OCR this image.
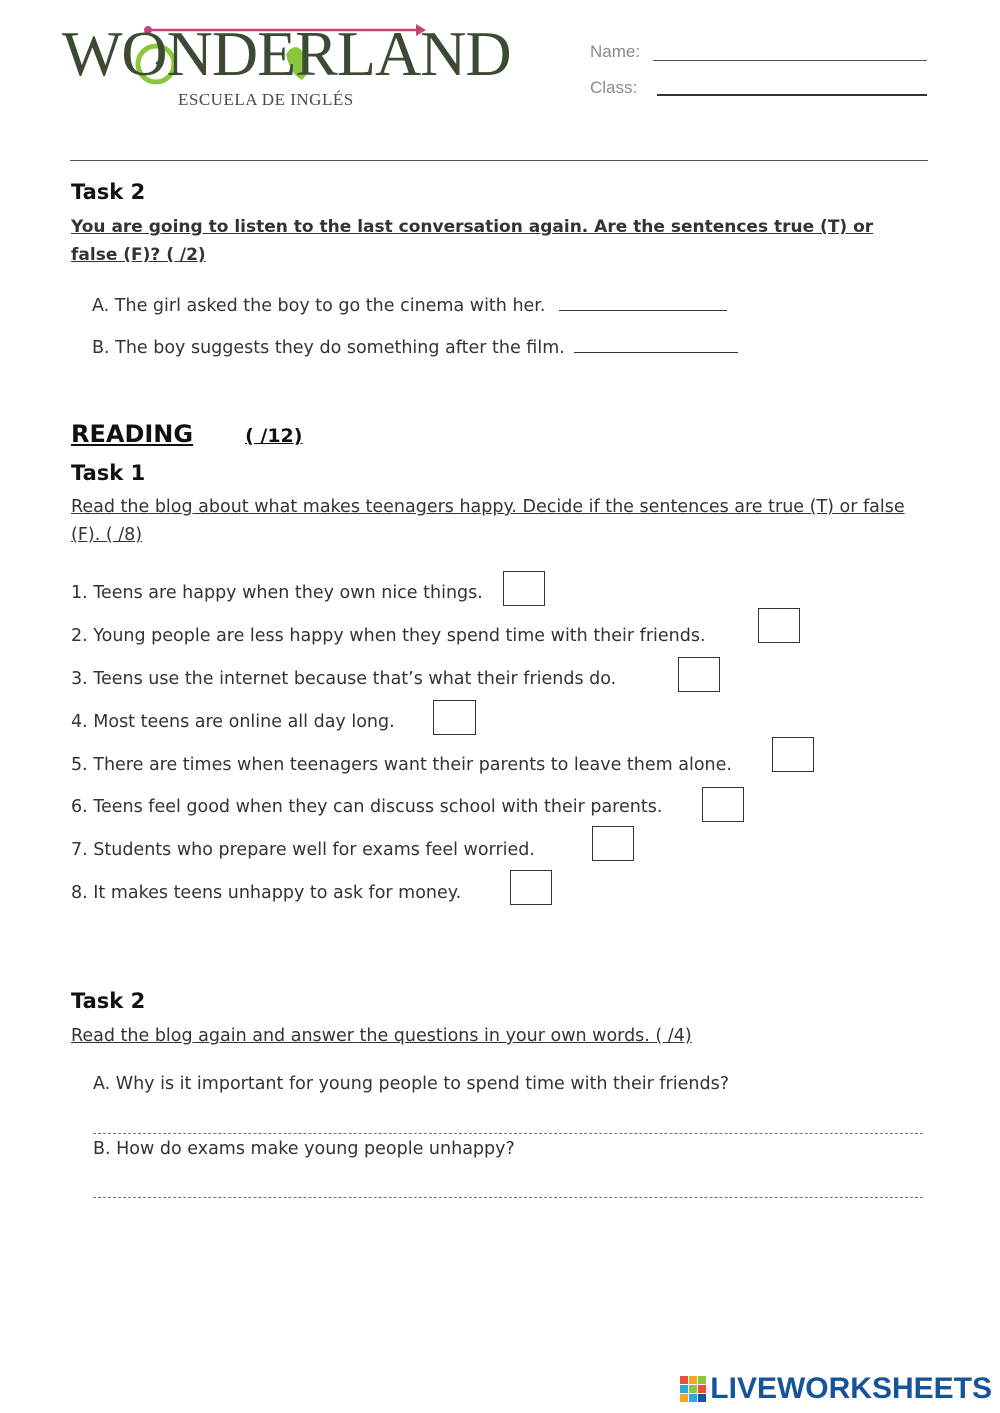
WONDERLAND
ESCUELA DE INGLÉS
Name:
Class:
Task 2
You are going to listen to the last conversation again. Are the sentences true (T) or false (F)? ( /2)
A. The girl asked the boy to go the cinema with her.
B. The boy suggests they do something after the film.
READING	( /12)
Task 1
Read the blog about what makes teenagers happy. Decide if the sentences are true (T) or false (F). ( /8)
1. Teens are happy when they own nice things.
2. Young people are less happy when they spend time with their friends.
3. Teens use the internet because that’s what their friends do.
4. Most teens are online all day long.
5. There are times when teenagers want their parents to leave them alone.
6. Teens feel good when they can discuss school with their parents.
7. Students who prepare well for exams feel worried.
8. It makes teens unhappy to ask for money.
Task 2
Read the blog again and answer the questions in your own words. ( /4)
A. Why is it important for young people to spend time with their friends?
B. How do exams make young people unhappy?
LIVEWORKSHEETS
